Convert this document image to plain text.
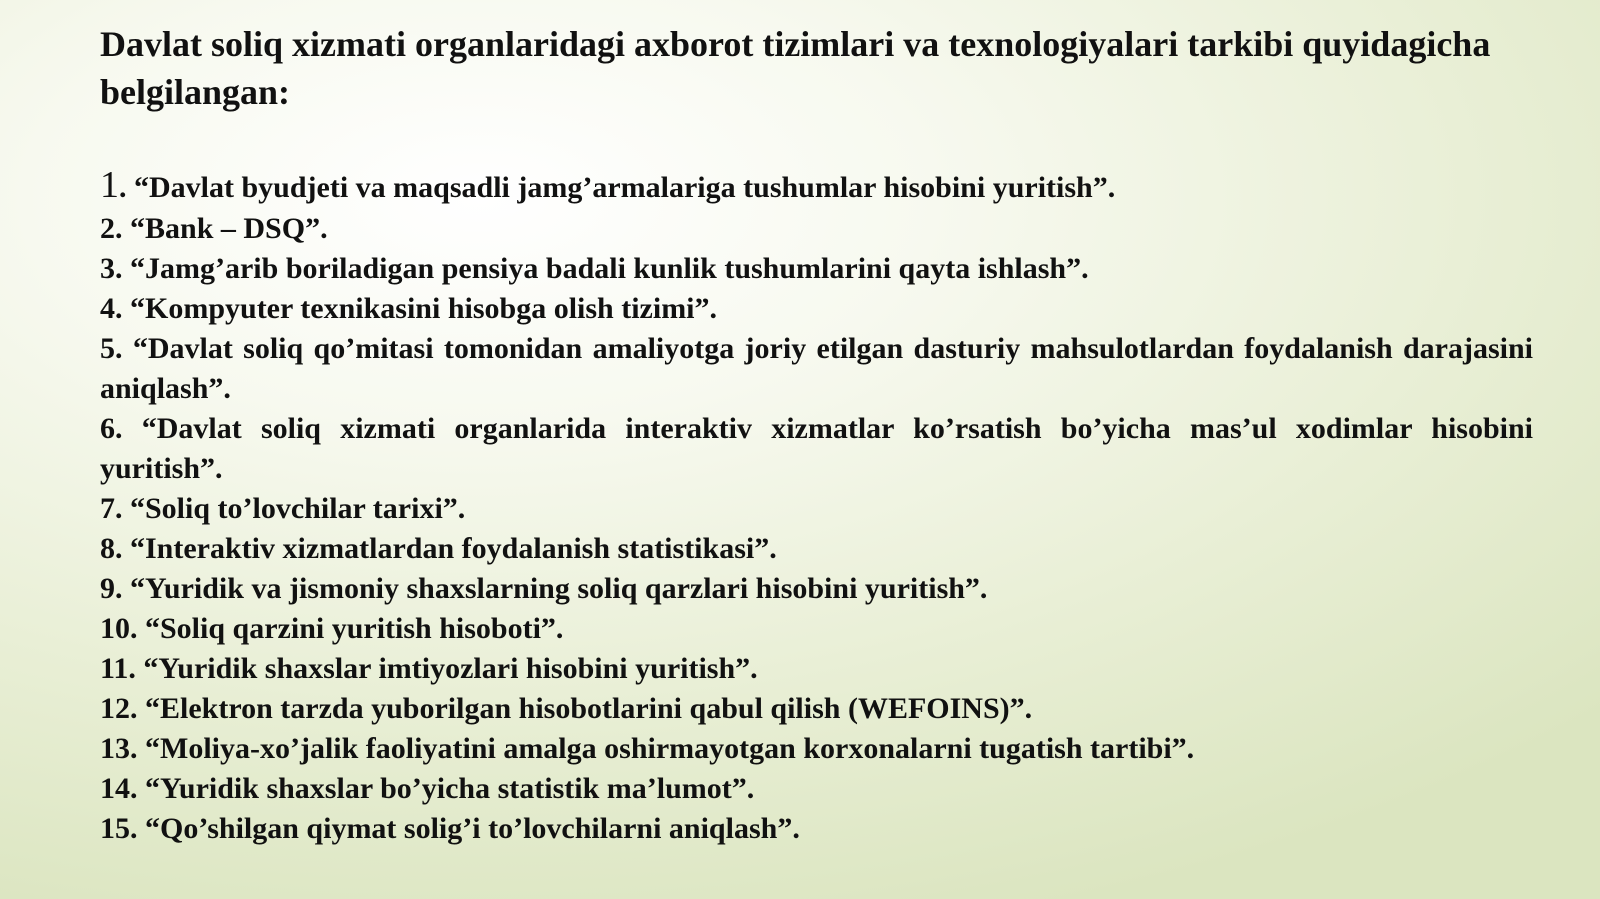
Davlat soliq xizmati organlaridagi axborot tizimlari va texnologiyalari tarkibi quyidagicha belgilangan:
1. “Davlat byudjeti va maqsadli jamg’armalariga tushumlar hisobini yuritish”.
2. “Bank – DSQ”.
3. “Jamg’arib boriladigan pensiya badali kunlik tushumlarini qayta ishlash”.
4. “Kompyuter texnikasini hisobga olish tizimi”.
5. “Davlat soliq qo’mitasi tomonidan amaliyotga joriy etilgan dasturiy mahsulotlardan foydalanish darajasini aniqlash”.
6. “Davlat soliq xizmati organlarida interaktiv xizmatlar ko’rsatish bo’yicha mas’ul xodimlar hisobini yuritish”.
7. “Soliq to’lovchilar tarixi”.
8. “Interaktiv xizmatlardan foydalanish statistikasi”.
9. “Yuridik va jismoniy shaxslarning soliq qarzlari hisobini yuritish”.
10. “Soliq qarzini yuritish hisoboti”.
11. “Yuridik shaxslar imtiyozlari hisobini yuritish”.
12. “Elektron tarzda yuborilgan hisobotlarini qabul qilish (WEFOINS)”.
13. “Moliya-xo’jalik faoliyatini amalga oshirmayotgan korxonalarni tugatish tartibi”.
14. “Yuridik shaxslar bo’yicha statistik ma’lumot”.
15. “Qo’shilgan qiymat solig’i to’lovchilarni aniqlash”.
